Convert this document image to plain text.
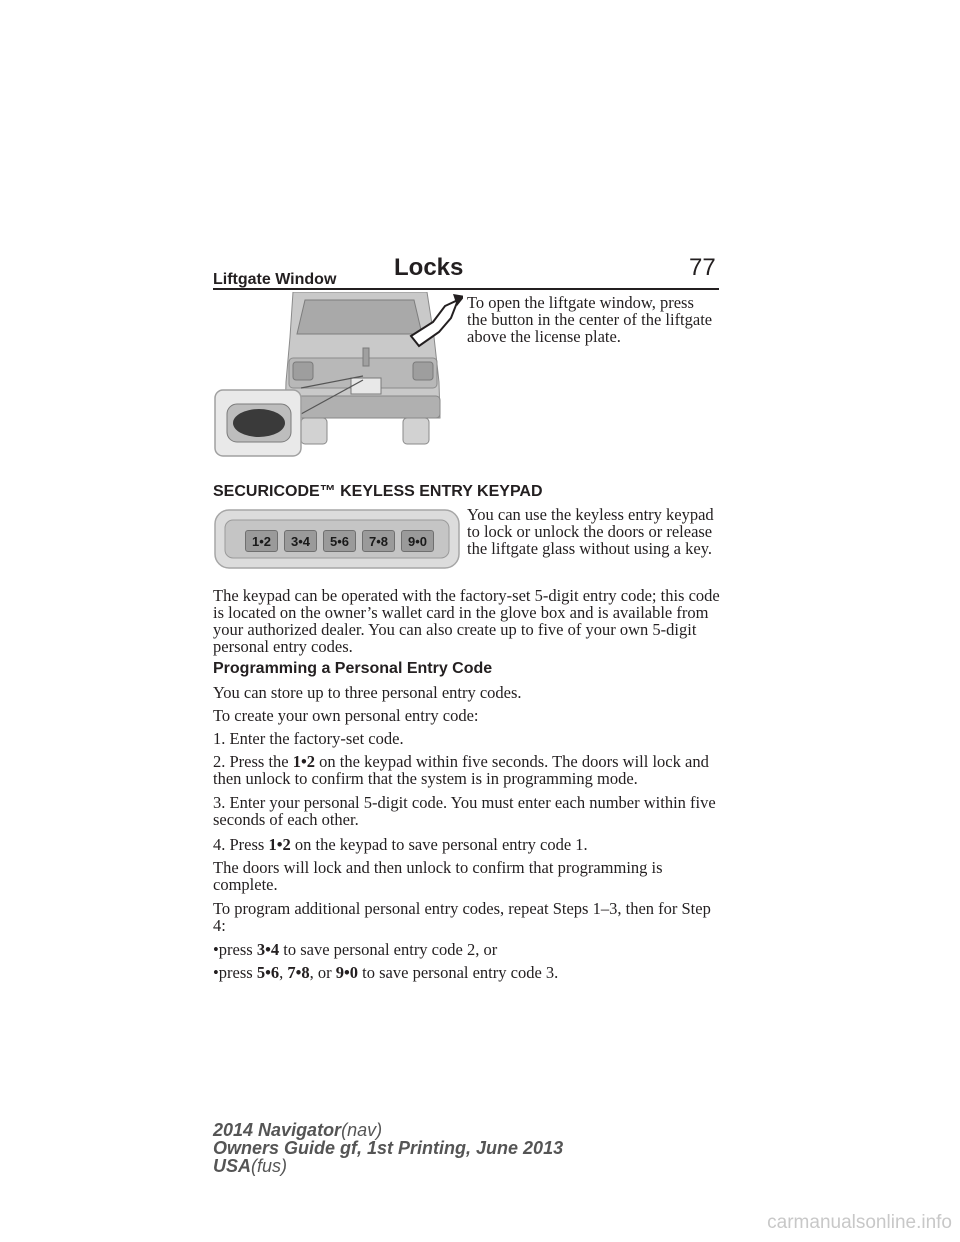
Locks	77
Liftgate Window
To open the liftgate window, press the button in the center of the liftgate above the license plate.
SECURICODE™ KEYLESS ENTRY KEYPAD
1•2	3•4	5•6	7•8	9•0
You can use the keyless entry keypad to lock or unlock the doors or release the liftgate glass without using a key.
The keypad can be operated with the factory-set 5-digit entry code; this code is located on the owner’s wallet card in the glove box and is available from your authorized dealer. You can also create up to five of your own 5-digit personal entry codes.
Programming a Personal Entry Code
You can store up to three personal entry codes.
To create your own personal entry code:
1. Enter the factory-set code.
2. Press the 1•2 on the keypad within five seconds. The doors will lock and then unlock to confirm that the system is in programming mode.
3. Enter your personal 5-digit code. You must enter each number within five seconds of each other.
4. Press 1•2 on the keypad to save personal entry code 1.
The doors will lock and then unlock to confirm that programming is complete.
To program additional personal entry codes, repeat Steps 1–3, then for Step 4:
•press 3•4 to save personal entry code 2, or
•press 5•6, 7•8, or 9•0 to save personal entry code 3.
2014 Navigator(nav)
Owners Guide gf, 1st Printing, June 2013
USA(fus)
carmanualsonline.info
